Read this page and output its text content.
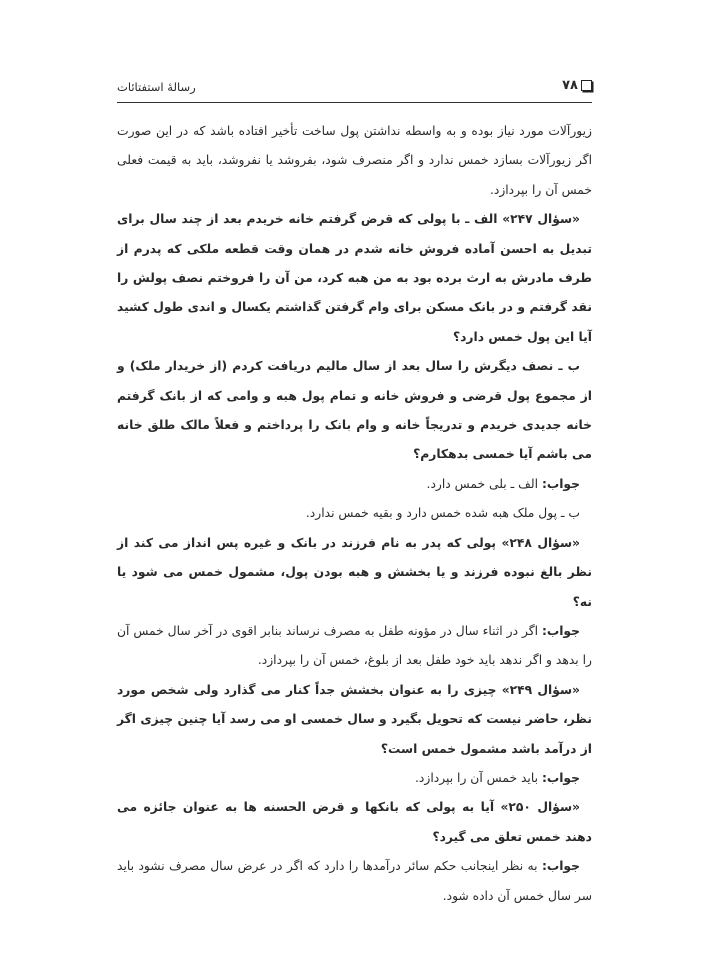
۷۸
رسالۀ استفتائات

زیورآلات مورد نیاز بوده و به واسطه نداشتن پول ساخت تأخیر افتاده باشد که در این صورت اگر زیورآلات بسازد خمس ندارد و اگر منصرف شود، بفروشد یا نفروشد، باید به قیمت فعلی خمس آن را بپردازد.

«سؤال ۲۴۷» الف ـ با پولی که قرض گرفتم خانه خریدم بعد از چند سال برای تبدیل به احسن آماده فروش خانه شدم در همان وقت قطعه ملکی که پدرم از طرف مادرش به ارث برده بود به من هبه کرد، من آن را فروختم نصف پولش را نقد گرفتم و در بانک مسکن برای وام گرفتن گذاشتم یکسال و اندی طول کشید آیا این پول خمس دارد؟

ب ـ نصف دیگرش را سال بعد از سال مالیم دریافت کردم (از خریدار ملک) و از مجموع پول قرضی و فروش خانه و تمام پول هبه و وامی که از بانک گرفتم خانه جدیدی خریدم و تدریجاً خانه و وام بانک را پرداختم و فعلاً مالک طلق خانه می باشم آیا خمسی بدهکارم؟

جواب: الف ـ بلی خمس دارد.

ب ـ پول ملک هبه شده خمس دارد و بقیه خمس ندارد.

«سؤال ۲۴۸» پولی که پدر به نام فرزند در بانک و غیره پس انداز می کند از نظر بالغ نبوده فرزند و یا بخشش و هبه بودن پول، مشمول خمس می شود یا نه؟

جواب: اگر در اثناء سال در مؤونه طفل به مصرف نرساند بنابر اقوی در آخر سال خمس آن را بدهد و اگر ندهد باید خود طفل بعد از بلوغ، خمس آن را بپردازد.

«سؤال ۲۴۹» چیزی را به عنوان بخشش جداً کنار می گذارد ولی شخص مورد نظر، حاضر نیست که تحویل بگیرد و سال خمسی او می رسد آیا چنین چیزی اگر از درآمد باشد مشمول خمس است؟

جواب: باید خمس آن را بپردازد.

«سؤال ۲۵۰» آیا به پولی که بانکها و قرض الحسنه ها به عنوان جائزه می دهند خمس تعلق می گیرد؟

جواب: به نظر اینجانب حکم سائر درآمدها را دارد که اگر در عرض سال مصرف نشود باید سر سال خمس آن داده شود.
